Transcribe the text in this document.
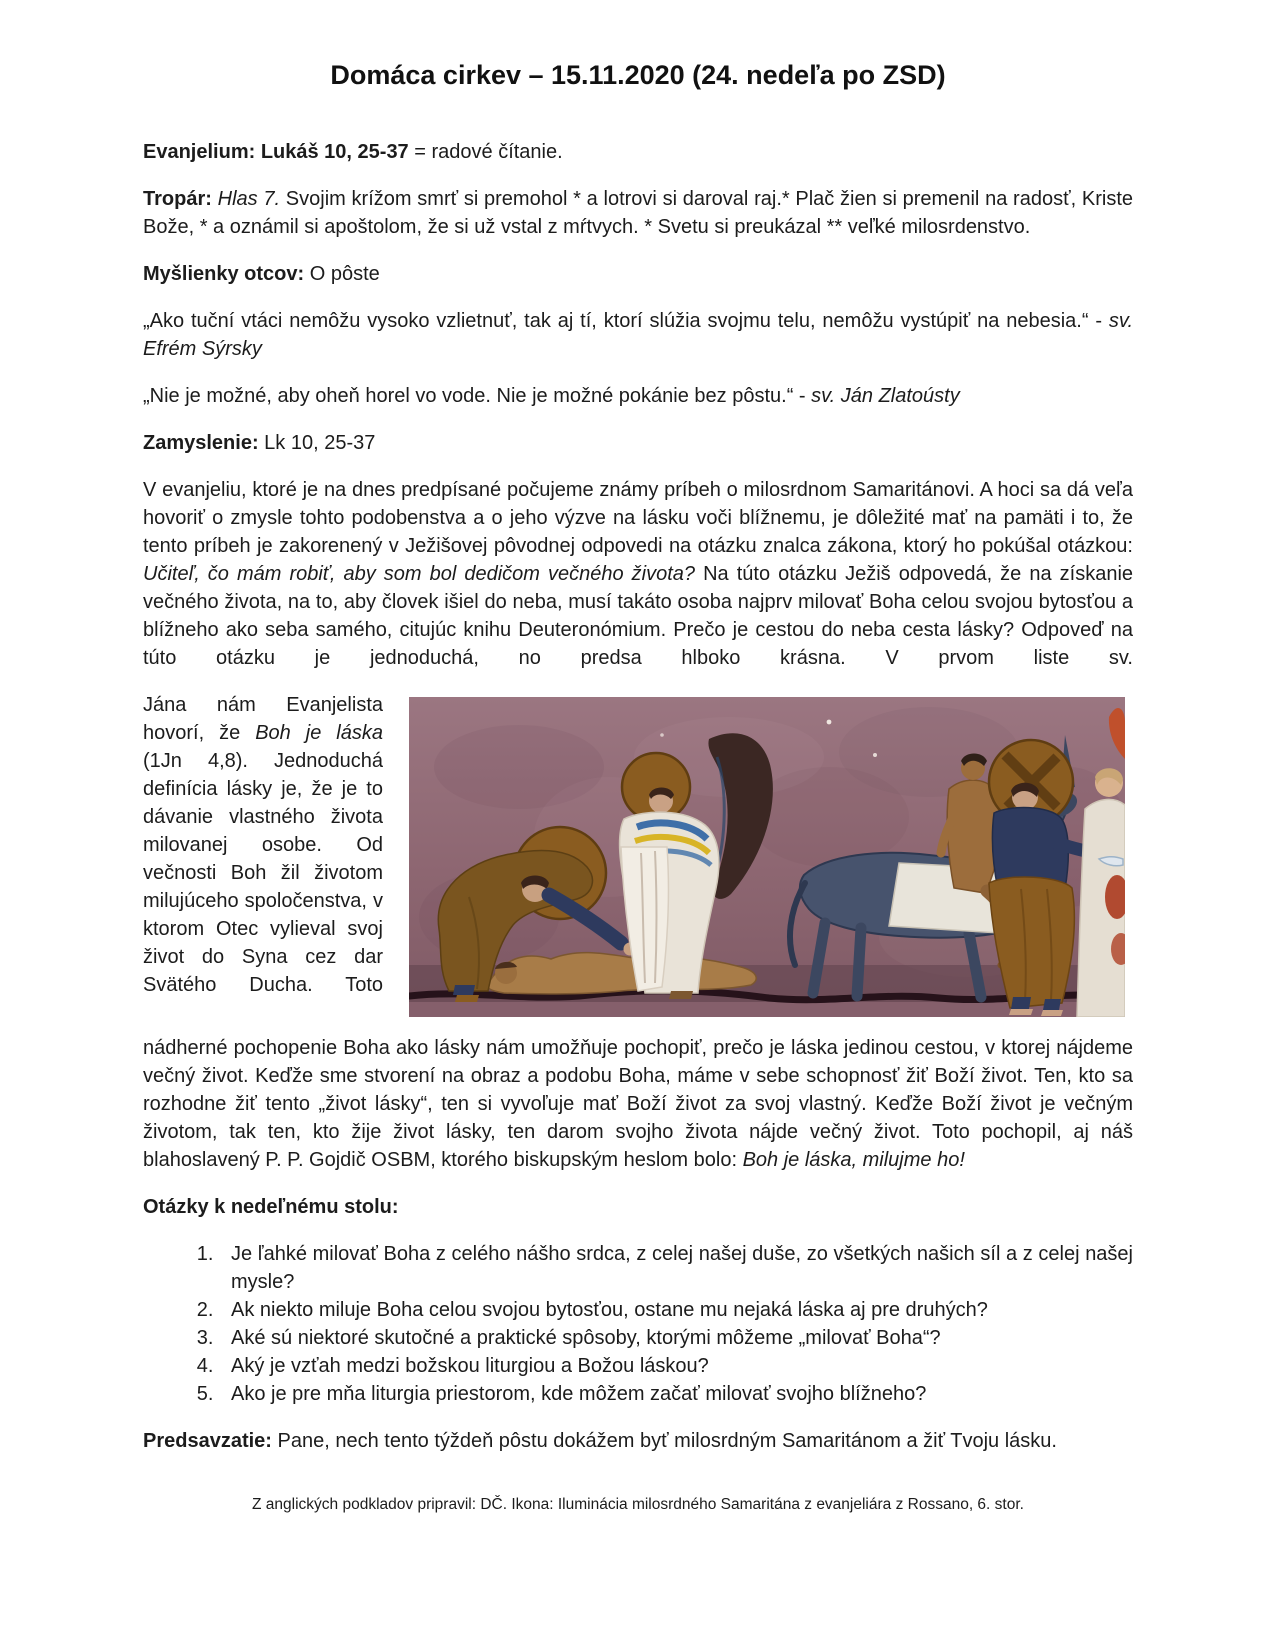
Domáca cirkev – 15.11.2020 (24. nedeľa po ZSD)

Evanjelium: Lukáš 10, 25-37 = radové čítanie.

Tropár: Hlas 7. Svojim krížom smrť si premohol * a lotrovi si daroval raj.* Plač žien si premenil na radosť, Kriste Bože, * a oznámil si apoštolom, že si už vstal z mŕtvych. * Svetu si preukázal ** veľké milosrdenstvo.

Myšlienky otcov: O pôste

„Ako tuční vtáci nemôžu vysoko vzlietnuť, tak aj tí, ktorí slúžia svojmu telu, nemôžu vystúpiť na nebesia.“ - sv. Efrém Sýrsky

„Nie je možné, aby oheň horel vo vode. Nie je možné pokánie bez pôstu.“ - sv. Ján Zlatoústy

Zamyslenie: Lk 10, 25-37

V evanjeliu, ktoré je na dnes predpísané počujeme známy príbeh o milosrdnom Samaritánovi. A hoci sa dá veľa hovoriť o zmysle tohto podobenstva a o jeho výzve na lásku voči blížnemu, je dôležité mať na pamäti i to, že tento príbeh je zakorenený v Ježišovej pôvodnej odpovedi na otázku znalca zákona, ktorý ho pokúšal otázkou: Učiteľ, čo mám robiť, aby som bol dedičom večného života? Na túto otázku Ježiš odpovedá, že na získanie večného života, na to, aby človek išiel do neba, musí takáto osoba najprv milovať Boha celou svojou bytosťou a blížneho ako seba samého, citujúc knihu Deuteronómium. Prečo je cestou do neba cesta lásky? Odpoveď na túto otázku je jednoduchá, no predsa hlboko krásna. V prvom liste sv.

Jána nám Evanjelista hovorí, že Boh je láska (1Jn 4,8). Jednoduchá definícia lásky je, že je to dávanie vlastného života milovanej osobe. Od večnosti Boh žil životom milujúceho spoločenstva, v ktorom Otec vylieval svoj život do Syna cez dar Svätého Ducha. Toto

nádherné pochopenie Boha ako lásky nám umožňuje pochopiť, prečo je láska jedinou cestou, v ktorej nájdeme večný život. Keďže sme stvorení na obraz a podobu Boha, máme v sebe schopnosť žiť Boží život. Ten, kto sa rozhodne žiť tento „život lásky“, ten si vyvoľuje mať Boží život za svoj vlastný. Keďže Boží život je večným životom, tak ten, kto žije život lásky, ten darom svojho života nájde večný život. Toto pochopil, aj náš blahoslavený P. P. Gojdič OSBM, ktorého biskupským heslom bolo: Boh je láska, milujme ho!

Otázky k nedeľnému stolu:

1. Je ľahké milovať Boha z celého nášho srdca, z celej našej duše, zo všetkých našich síl a z celej našej mysle?
2. Ak niekto miluje Boha celou svojou bytosťou, ostane mu nejaká láska aj pre druhých?
3. Aké sú niektoré skutočné a praktické spôsoby, ktorými môžeme „milovať Boha“?
4. Aký je vzťah medzi božskou liturgiou a Božou láskou?
5. Ako je pre mňa liturgia priestorom, kde môžem začať milovať svojho blížneho?

Predsavzatie: Pane, nech tento týždeň pôstu dokážem byť milosrdným Samaritánom a žiť Tvoju lásku.

Z anglických podkladov pripravil: DČ. Ikona: Iluminácia milosrdného Samaritána z evanjeliára z Rossano, 6. stor.
